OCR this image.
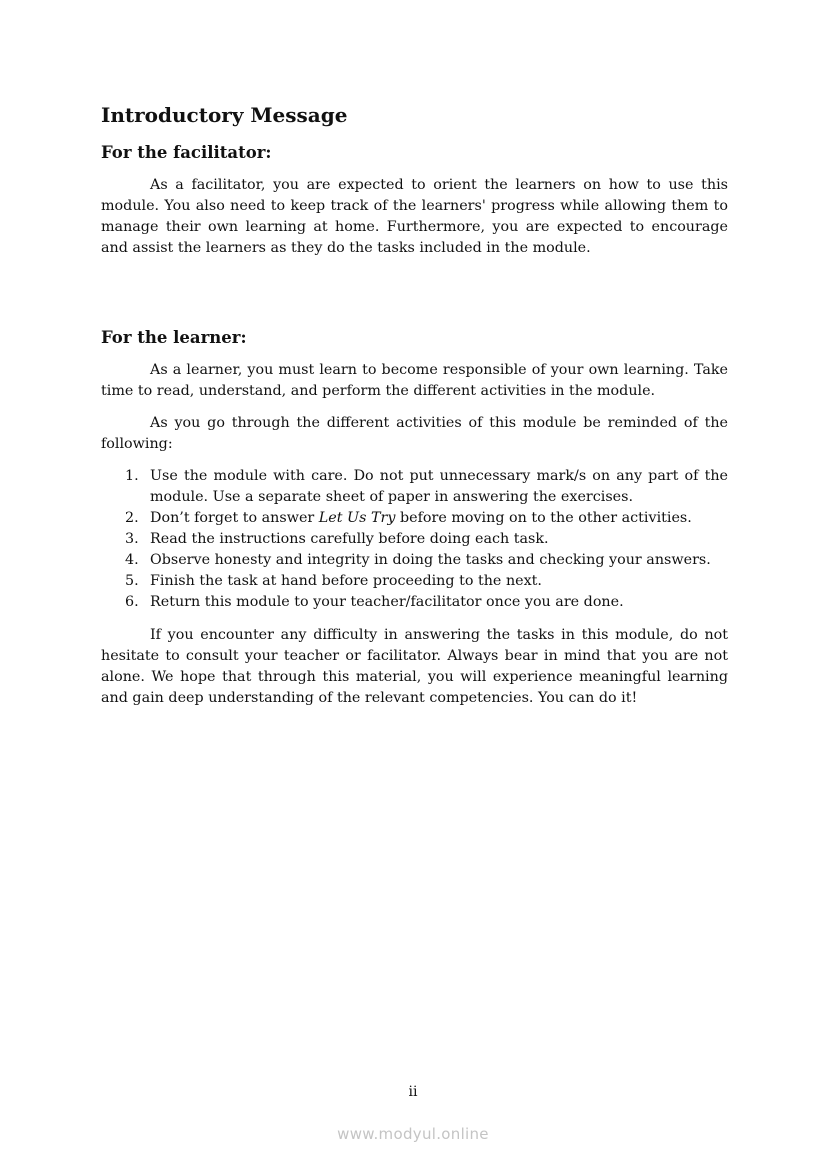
Introductory Message
For the facilitator:

As a facilitator, you are expected to orient the learners on how to use this module. You also need to keep track of the learners' progress while allowing them to manage their own learning at home. Furthermore, you are expected to encourage and assist the learners as they do the tasks included in the module.

For the learner:

As a learner, you must learn to become responsible of your own learning. Take time to read, understand, and perform the different activities in the module.

As you go through the different activities of this module be reminded of the following:

1. Use the module with care. Do not put unnecessary mark/s on any part of the module. Use a separate sheet of paper in answering the exercises.
2. Don’t forget to answer Let Us Try before moving on to the other activities.
3. Read the instructions carefully before doing each task.
4. Observe honesty and integrity in doing the tasks and checking your answers.
5. Finish the task at hand before proceeding to the next.
6. Return this module to your teacher/facilitator once you are done.

If you encounter any difficulty in answering the tasks in this module, do not hesitate to consult your teacher or facilitator. Always bear in mind that you are not alone. We hope that through this material, you will experience meaningful learning and gain deep understanding of the relevant competencies. You can do it!

ii
www.modyul.online
